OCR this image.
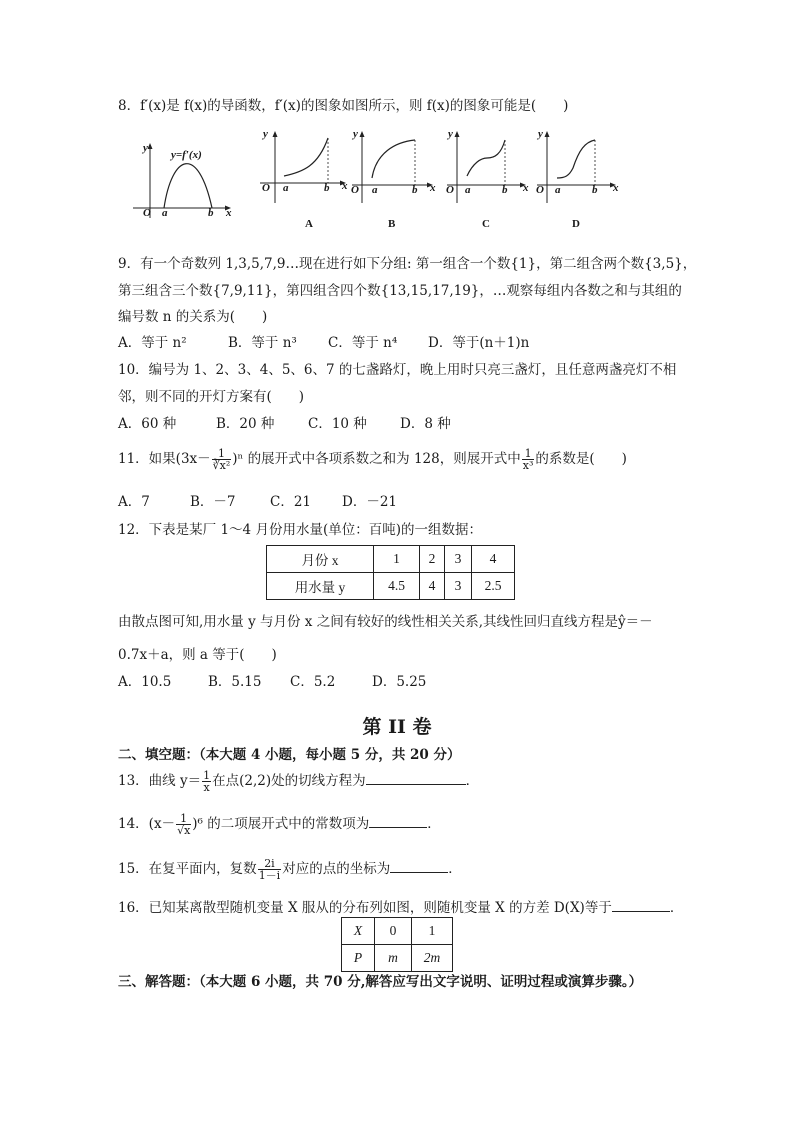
8．f′(x)是 f(x)的导函数，f′(x)的图象如图所示，则 f(x)的图象可能是(　　)
y
y=f′(x)
O a	b x
y
O a	b x
A
y
O a	b x
B
y
O a	b x
C
y
O a	b x
D
9．有一个奇数列 1,3,5,7,9…现在进行如下分组: 第一组含一个数{1}，第二组含两个数{3,5}，
第三组含三个数{7,9,11}，第四组含四个数{13,15,17,19}，…观察每组内各数之和与其组的
编号数 n 的关系为(　　)
A．等于 n²	B．等于 n³ C．等于 n⁴ D．等于(n＋1)n
10．编号为 1、2、3、4、5、6、7 的七盏路灯，晚上用时只亮三盏灯，且任意两盏亮灯不相
邻，则不同的开灯方案有(　　)
A．60 种	B．20 种 C．10 种 D．8 种
11．如果$(3x- \frac{1}{\text{∛x²}} )^n$ 的展开式中各项系数之和为 128，则展开式中 $\frac{1}{\text{x³}}$ 的系数是(　　)
A．7	B．－7	C．21 D．－21
12．下表是某厂 1～4 月份用水量(单位：百吨)的一组数据：
月份 x	1	2	3	4
用水量 y	4.5	4	3	2.5
由散点图可知,用水量 y 与月份 x 之间有较好的线性相关关系,其线性回归直线方程是ŷ＝－
0.7x＋a，则 a 等于(　　)
A．10.5	B．5.15 C．5.2	D．5.25
第 II 卷
二、填空题：（本大题 4 小题，每小题 5 分，共 20 分）
13．曲线 $y= \frac{1}{x}$ 在点(2,2)处的切线方程为	．
14．$(x- \frac{1}{√x} )^6$ 的二项展开式中的常数项为	．
15．在复平面内，复数 $\frac{2i}{1-i}$ 对应的点的坐标为	．
16．已知某离散型随机变量 X 服从的分布列如图，则随机变量 X 的方差 D(X)等于	．
X	0	1
P	m	2m
三、解答题：（本大题 6 小题，共 70 分,解答应写出文字说明、证明过程或演算步骤。）
